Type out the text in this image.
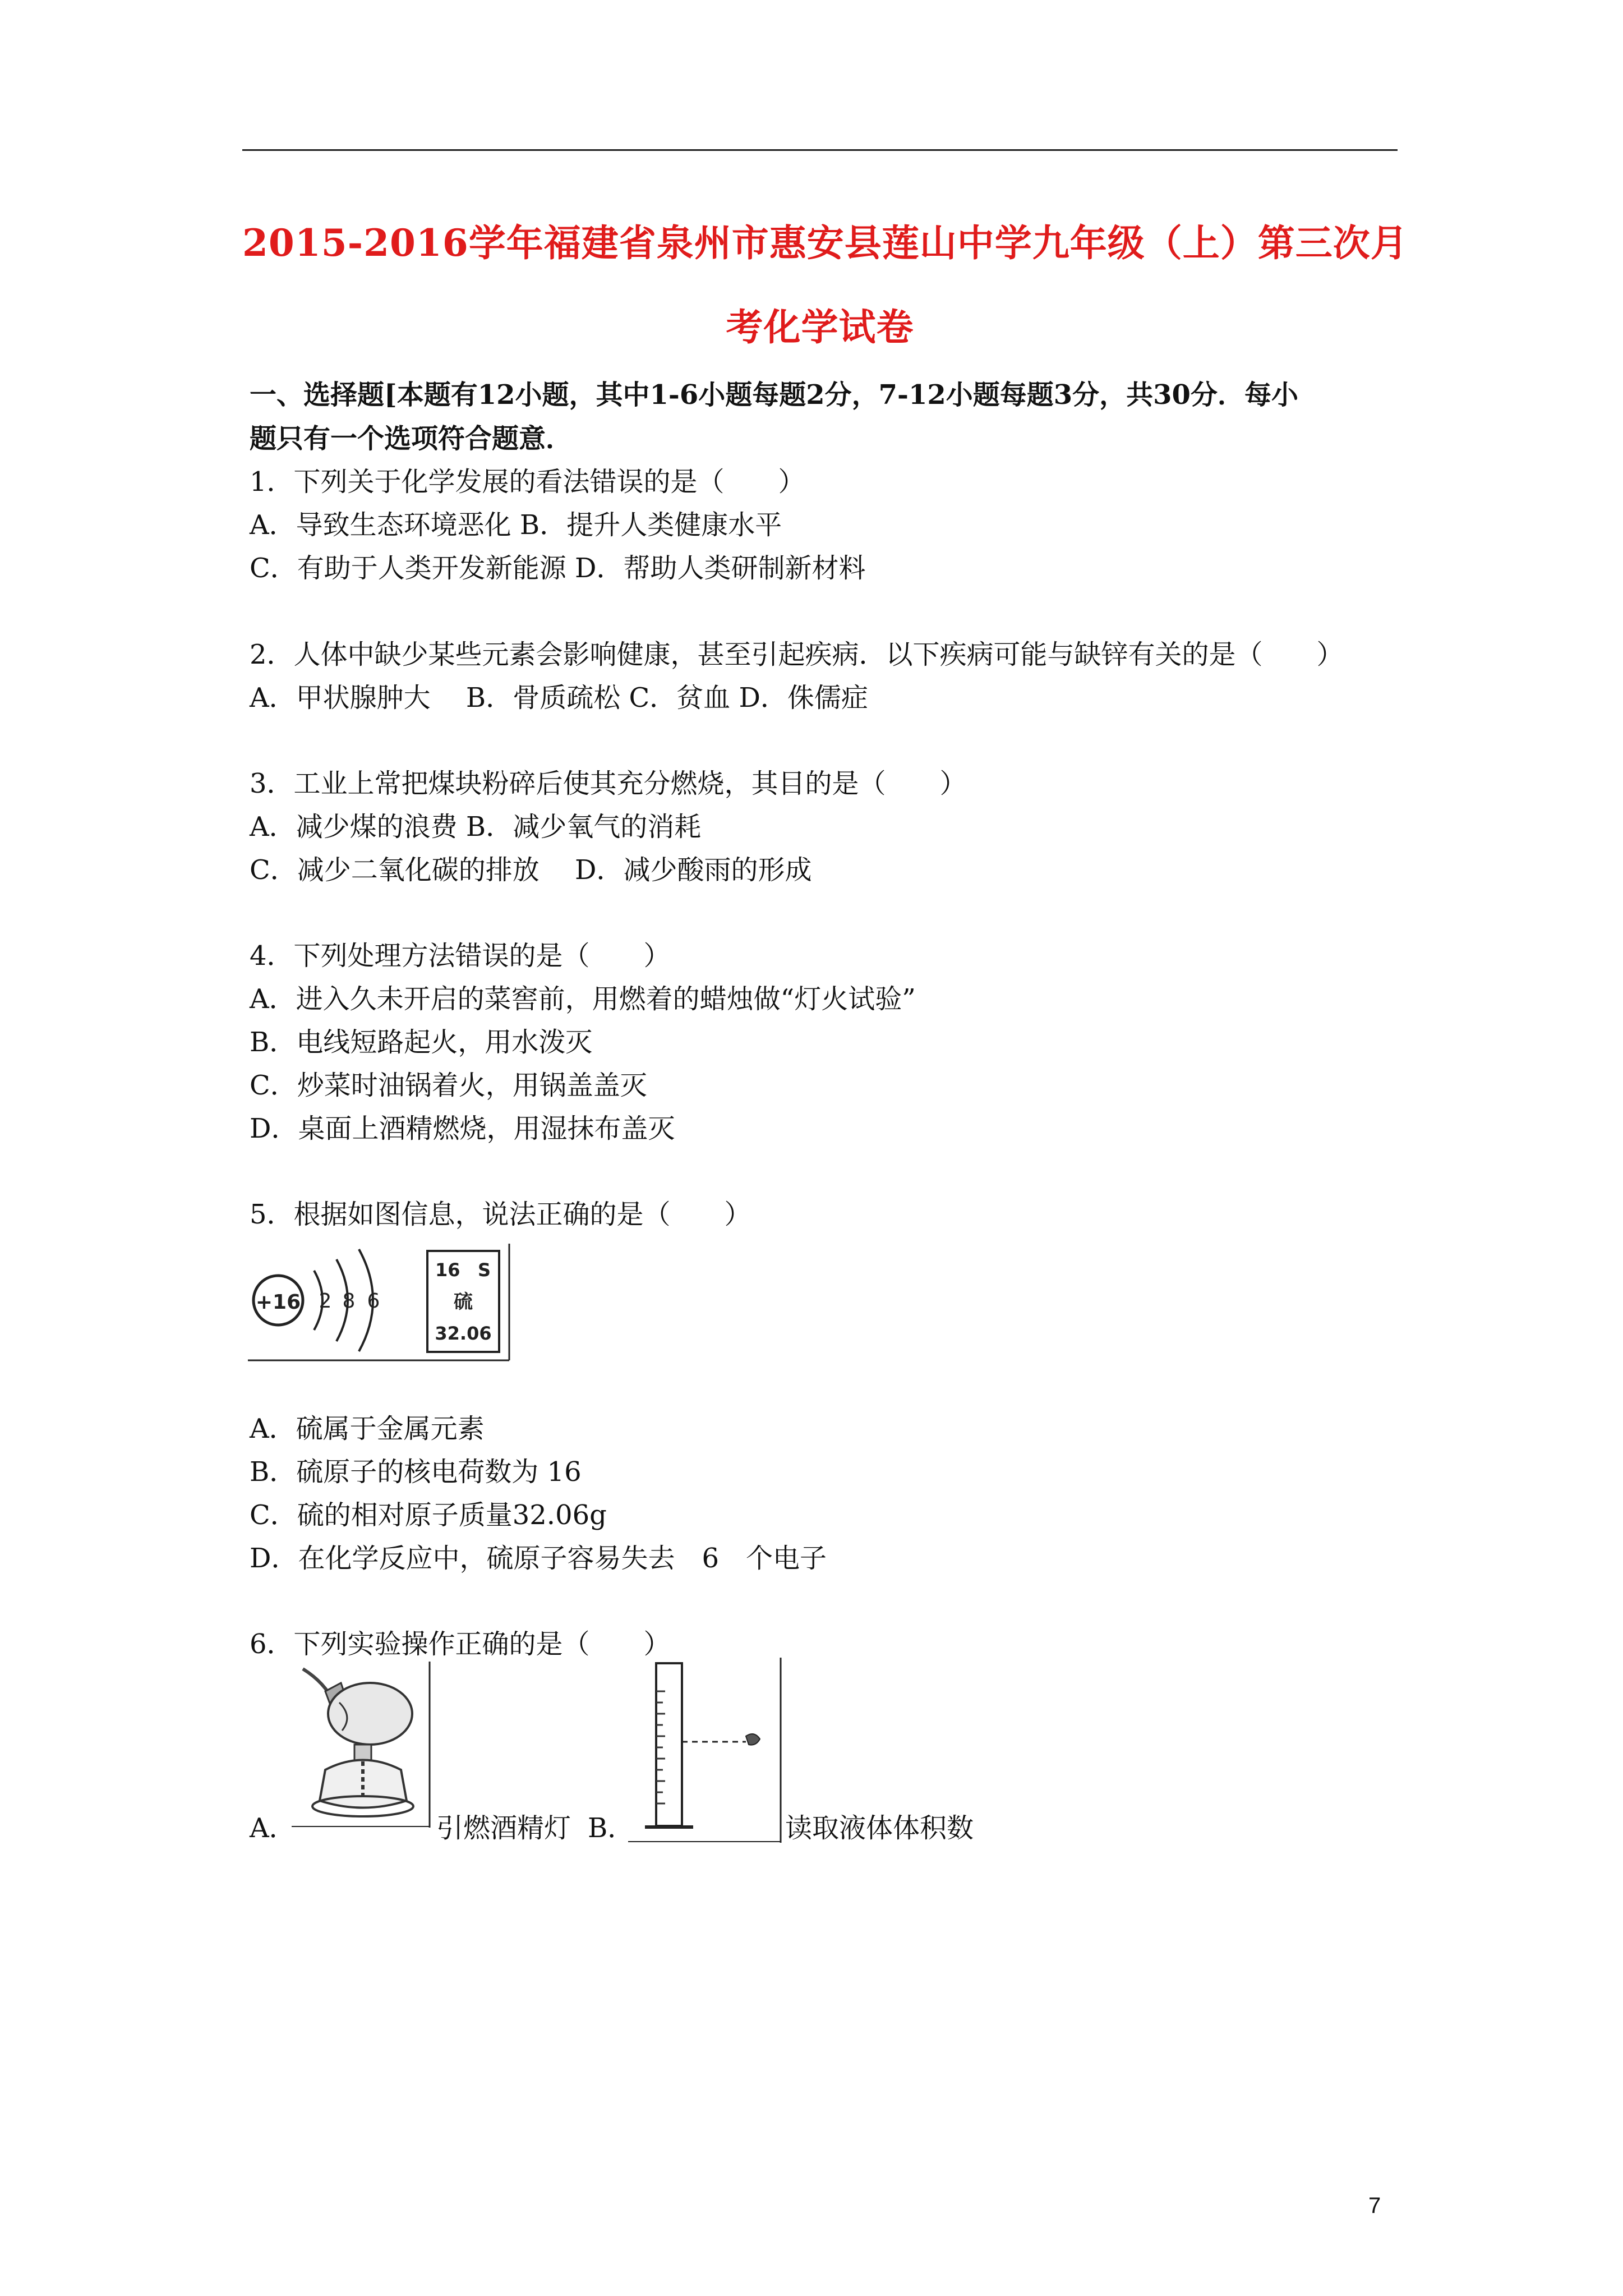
2015-2016学年福建省泉州市惠安县莲山中学九年级（上）第三次月
考化学试卷
一、选择题[本题有12小题，其中1-6小题每题2分，7-12小题每题3分，共30分．每小
题只有一个选项符合题意．
1．下列关于化学发展的看法错误的是（　　）
A．导致生态环境恶化 B．提升人类健康水平
C．有助于人类开发新能源 D．帮助人类研制新材料
2．人体中缺少某些元素会影响健康，甚至引起疾病．以下疾病可能与缺锌有关的是（　　）
A．甲状腺肿大　 B．骨质疏松 C．贫血 D．侏儒症
3．工业上常把煤块粉碎后使其充分燃烧，其目的是（　　）
A．减少煤的浪费 B．减少氧气的消耗
C．减少二氧化碳的排放　 D．减少酸雨的形成
4．下列处理方法错误的是（　　）
A．进入久未开启的菜窖前，用燃着的蜡烛做“灯火试验”
B．电线短路起火，用水泼灭
C．炒菜时油锅着火，用锅盖盖灭
D．桌面上酒精燃烧，用湿抹布盖灭
5．根据如图信息，说法正确的是（　　）
+16 2 8 6
16 S
硫
32.06
A．硫属于金属元素
B．硫原子的核电荷数为 16
C．硫的相对原子质量32.06g
D．在化学反应中，硫原子容易失去　6　个电子
6．下列实验操作正确的是（　　）
A．	引燃酒精灯 B．	读取液体体积数
7
